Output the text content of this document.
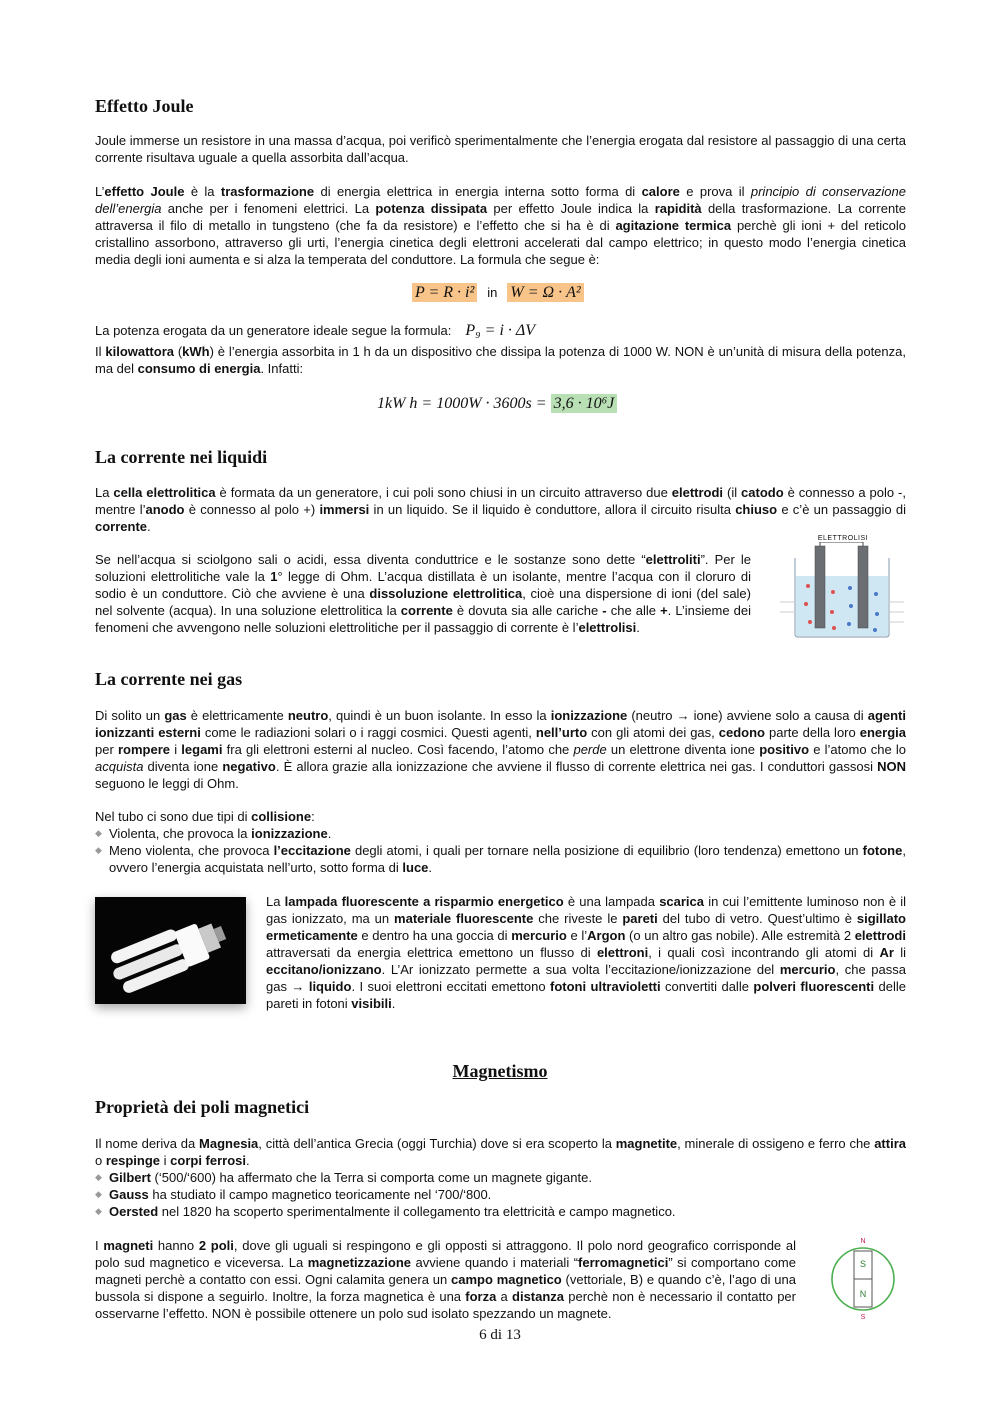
Effetto Joule

Joule immerse un resistore in una massa d’acqua, poi verificò sperimentalmente che l’energia erogata dal resistore al passaggio di una certa corrente risultava uguale a quella assorbita dall’acqua.

L’effetto Joule è la trasformazione di energia elettrica in energia interna sotto forma di calore e prova il principio di conservazione dell’energia anche per i fenomeni elettrici. La potenza dissipata per effetto Joule indica la rapidità della trasformazione. La corrente attraversa il filo di metallo in tungsteno (che fa da resistore) e l’effetto che si ha è di agitazione termica perchè gli ioni + del reticolo cristallino assorbono, attraverso gli urti, l’energia cinetica degli elettroni accelerati dal campo elettrico; in questo modo l’energia cinetica media degli ioni aumenta e si alza la temperata del conduttore. La formula che segue è:

P = R · i² in W = Ω · A²

La potenza erogata da un generatore ideale segue la formula: P₉ = i · ΔV

Il kilowattora (kWh) è l’energia assorbita in 1 h da un dispositivo che dissipa la potenza di 1000 W. NON è un’unità di misura della potenza, ma del consumo di energia. Infatti:

1kW h = 1000W · 3600s = 3,6 · 10⁶J
La corrente nei liquidi

La cella elettrolitica è formata da un generatore, i cui poli sono chiusi in un circuito attraverso due elettrodi (il catodo è connesso a polo -, mentre l’anodo è connesso al polo +) immersi in un liquido. Se il liquido è conduttore, allora il circuito risulta chiuso e c’è un passaggio di corrente.

Se nell’acqua si sciolgono sali o acidi, essa diventa conduttrice e le sostanze sono dette “elettroliti”. Per le soluzioni elettrolitiche vale la 1° legge di Ohm. L’acqua distillata è un isolante, mentre l’acqua con il cloruro di sodio è un conduttore. Ciò che avviene è una dissoluzione elettrolitica, cioè una dispersione di ioni (del sale) nel solvente (acqua). In una soluzione elettrolitica la corrente è dovuta sia alle cariche - che alle +. L’insieme dei fenomeni che avvengono nelle soluzioni elettrolitiche per il passaggio di corrente è l’elettrolisi.

ELETTROLISI
La corrente nei gas

Di solito un gas è elettricamente neutro, quindi è un buon isolante. In esso la ionizzazione (neutro → ione) avviene solo a causa di agenti ionizzanti esterni come le radiazioni solari o i raggi cosmici. Questi agenti, nell’urto con gli atomi dei gas, cedono parte della loro energia per rompere i legami fra gli elettroni esterni al nucleo. Così facendo, l’atomo che perde un elettrone diventa ione positivo e l’atomo che lo acquista diventa ione negativo. È allora grazie alla ionizzazione che avviene il flusso di corrente elettrica nei gas. I conduttori gassosi NON seguono le leggi di Ohm.

Nel tubo ci sono due tipi di collisione:
◆ Violenta, che provoca la ionizzazione.
◆ Meno violenta, che provoca l’eccitazione degli atomi, i quali per tornare nella posizione di equilibrio (loro tendenza) emettono un fotone, ovvero l’energia acquistata nell’urto, sotto forma di luce.

La lampada fluorescente a risparmio energetico è una lampada scarica in cui l’emittente luminoso non è il gas ionizzato, ma un materiale fluorescente che riveste le pareti del tubo di vetro. Quest’ultimo è sigillato ermeticamente e dentro ha una goccia di mercurio e l’Argon (o un altro gas nobile). Alle estremità 2 elettrodi attraversati da energia elettrica emettono un flusso di elettroni, i quali così incontrando gli atomi di Ar li eccitano/ionizzano. L’Ar ionizzato permette a sua volta l’eccitazione/ionizzazione del mercurio, che passa gas → liquido. I suoi elettroni eccitati emettono fotoni ultravioletti convertiti dalle polveri fluorescenti delle pareti in fotoni visibili.

Magnetismo
Proprietà dei poli magnetici
Il nome deriva da Magnesia, città dell’antica Grecia (oggi Turchia) dove si era scoperto la magnetite, minerale di ossigeno e ferro che attira o respinge i corpi ferrosi.
◆ Gilbert (‘500/‘600) ha affermato che la Terra si comporta come un magnete gigante.
◆ Gauss ha studiato il campo magnetico teoricamente nel ‘700/‘800.
◆ Oersted nel 1820 ha scoperto sperimentalmente il collegamento tra elettricità e campo magnetico.

I magneti hanno 2 poli, dove gli uguali si respingono e gli opposti si attraggono. Il polo nord geografico corrisponde al polo sud magnetico e viceversa. La magnetizzazione avviene quando i materiali “ferromagnetici” si comportano come magneti perchè a contatto con essi. Ogni calamita genera un campo magnetico (vettoriale, B) e quando c’è, l’ago di una bussola si dispone a seguirlo. Inoltre, la forza magnetica è una forza a distanza perchè non è necessario il contatto per osservarne l’effetto. NON è possibile ottenere un polo sud isolato spezzando un magnete.

S
N
N
S
6 di 13
